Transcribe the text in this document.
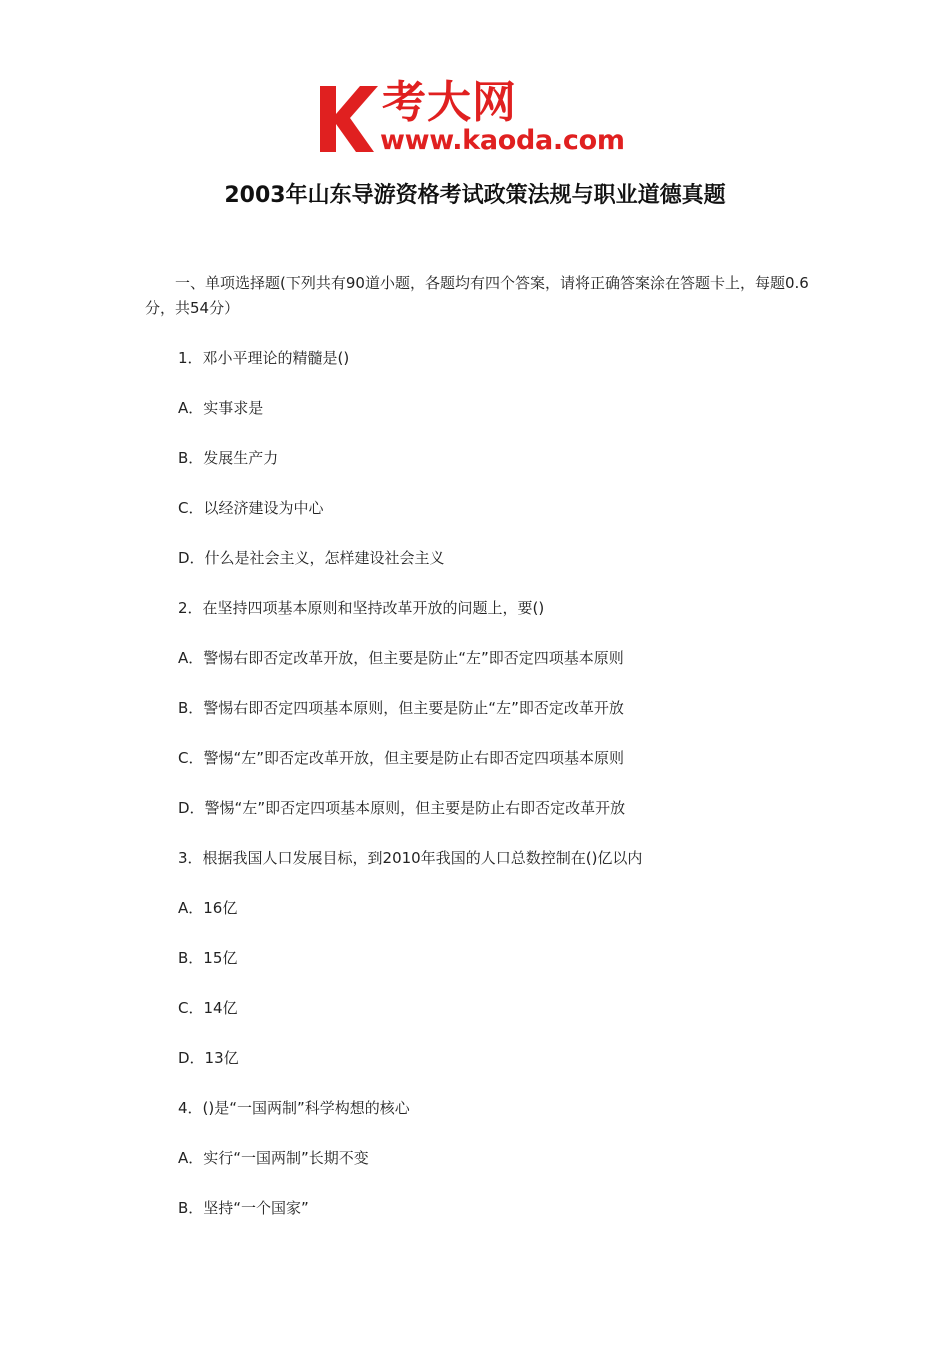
考大网
www.kaoda.com
2003年山东导游资格考试政策法规与职业道德真题
一、单项选择题(下列共有90道小题，各题均有四个答案，请将正确答案涂在答题卡上，每题0.6分，共54分）
1．邓小平理论的精髓是()
A．实事求是
B．发展生产力
C．以经济建设为中心
D．什么是社会主义，怎样建设社会主义
2．在坚持四项基本原则和坚持改革开放的问题上，要()
A．警惕右即否定改革开放，但主要是防止“左”即否定四项基本原则
B．警惕右即否定四项基本原则，但主要是防止“左”即否定改革开放
C．警惕“左”即否定改革开放，但主要是防止右即否定四项基本原则
D．警惕“左”即否定四项基本原则，但主要是防止右即否定改革开放
3．根据我国人口发展目标，到2010年我国的人口总数控制在()亿以内
A．16亿
B．15亿
C．14亿
D．13亿
4．()是“一国两制”科学构想的核心
A．实行“一国两制”长期不变
B．坚持“一个国家”
